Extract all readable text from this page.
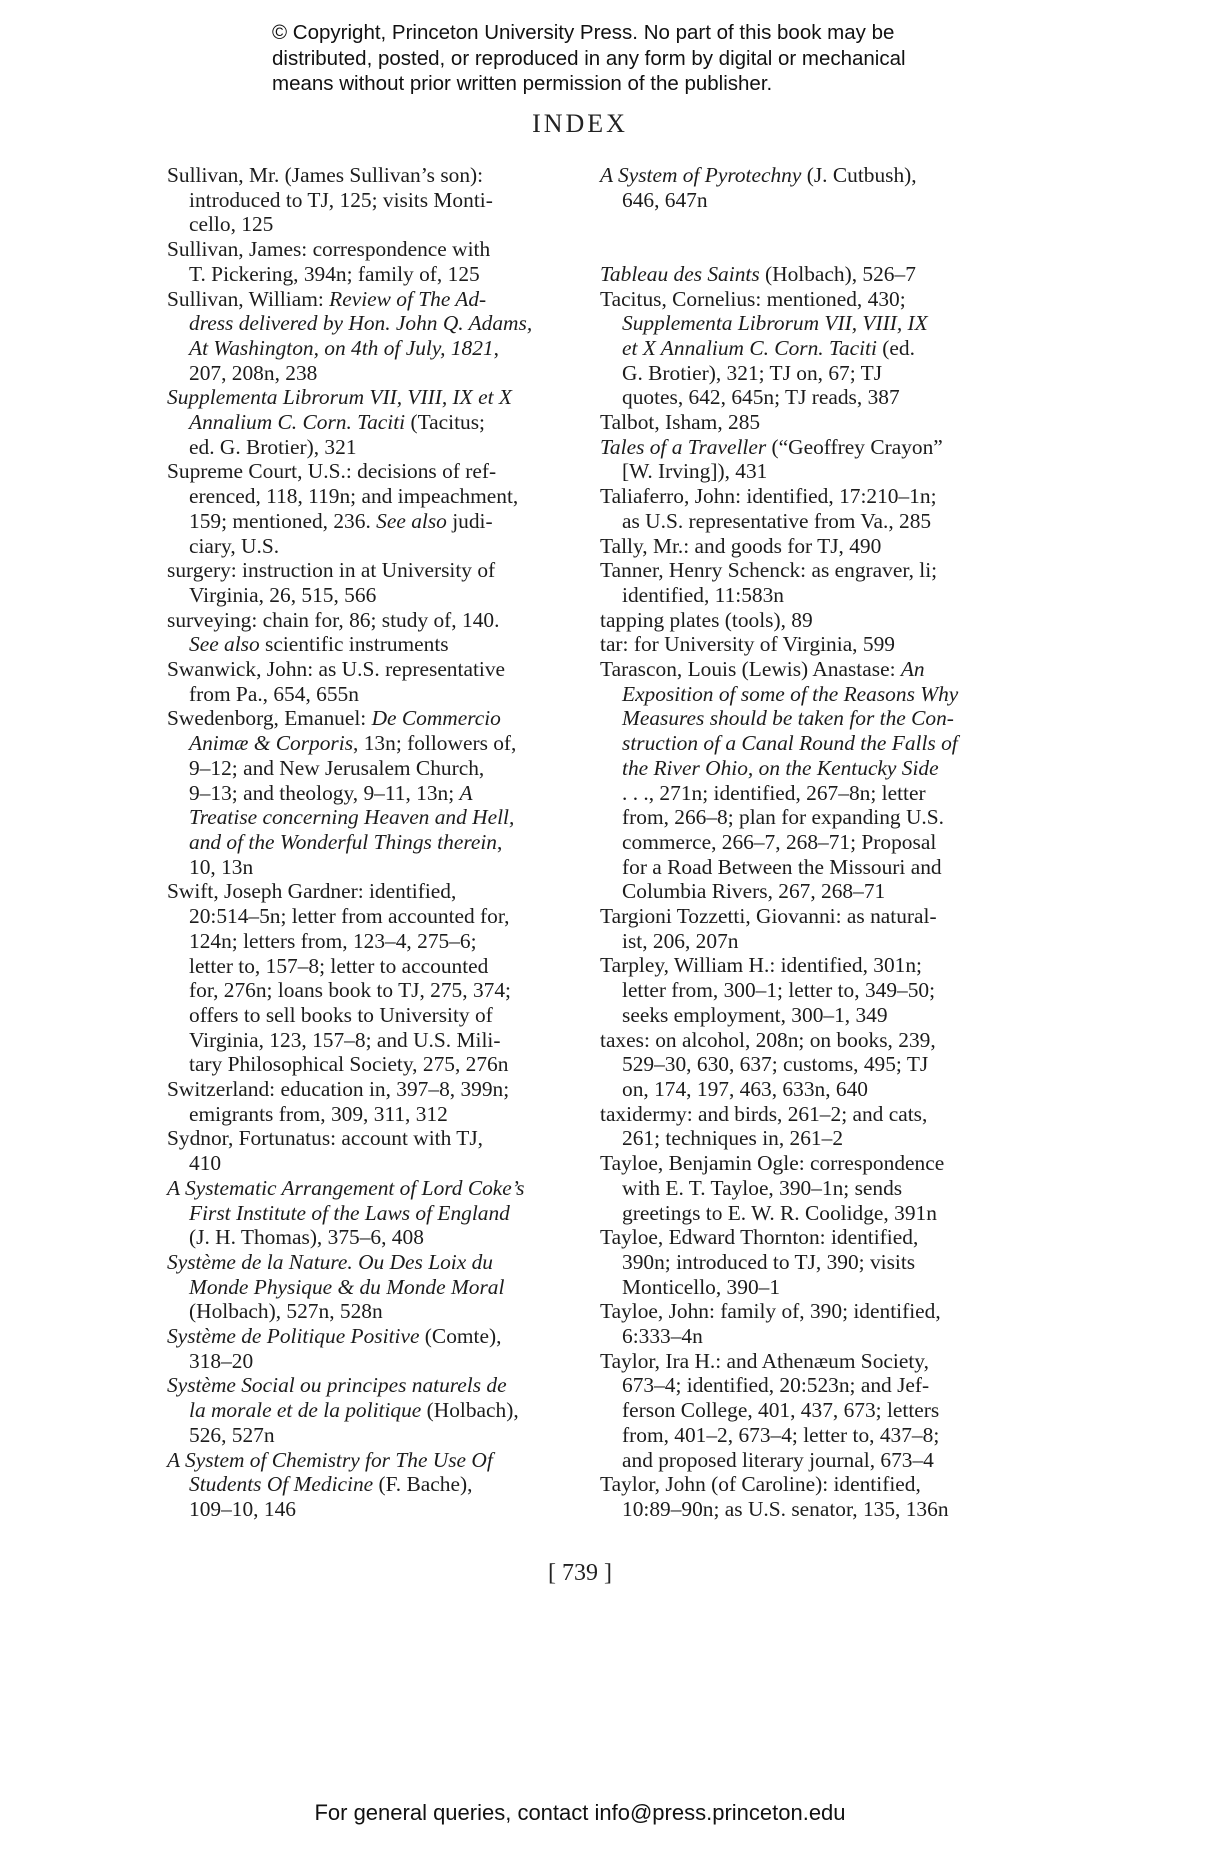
© Copyright, Princeton University Press. No part of this book may be
distributed, posted, or reproduced in any form by digital or mechanical
means without prior written permission of the publisher.
INDEX
Sullivan, Mr. (James Sullivan’s son):
introduced to TJ, 125; visits Monti-
cello, 125
Sullivan, James: correspondence with
T. Pickering, 394n; family of, 125
Sullivan, William: Review of The Ad-
dress delivered by Hon. John Q. Adams,
At Washington, on 4th of July, 1821,
207, 208n, 238
Supplementa Librorum VII, VIII, IX et X
Annalium C. Corn. Taciti (Tacitus;
ed. G. Brotier), 321
Supreme Court, U.S.: decisions of ref-
erenced, 118, 119n; and impeachment,
159; mentioned, 236. See also judi-
ciary, U.S.
surgery: instruction in at University of
Virginia, 26, 515, 566
surveying: chain for, 86; study of, 140.
See also scientific instruments
Swanwick, John: as U.S. representative
from Pa., 654, 655n
Swedenborg, Emanuel: De Commercio
Animæ & Corporis, 13n; followers of,
9–12; and New Jerusalem Church,
9–13; and theology, 9–11, 13n; A
Treatise concerning Heaven and Hell,
and of the Wonderful Things therein,
10, 13n
Swift, Joseph Gardner: identified,
20:514–5n; letter from accounted for,
124n; letters from, 123–4, 275–6;
letter to, 157–8; letter to accounted
for, 276n; loans book to TJ, 275, 374;
offers to sell books to University of
Virginia, 123, 157–8; and U.S. Mili-
tary Philosophical Society, 275, 276n
Switzerland: education in, 397–8, 399n;
emigrants from, 309, 311, 312
Sydnor, Fortunatus: account with TJ,
410
A Systematic Arrangement of Lord Coke’s
First Institute of the Laws of England
(J. H. Thomas), 375–6, 408
Système de la Nature. Ou Des Loix du
Monde Physique & du Monde Moral
(Holbach), 527n, 528n
Système de Politique Positive (Comte),
318–20
Système Social ou principes naturels de
la morale et de la politique (Holbach),
526, 527n
A System of Chemistry for The Use Of
Students Of Medicine (F. Bache),
109–10, 146
A System of Pyrotechny (J. Cutbush),
646, 647n
Tableau des Saints (Holbach), 526–7
Tacitus, Cornelius: mentioned, 430;
Supplementa Librorum VII, VIII, IX
et X Annalium C. Corn. Taciti (ed.
G. Brotier), 321; TJ on, 67; TJ
quotes, 642, 645n; TJ reads, 387
Talbot, Isham, 285
Tales of a Traveller (“Geoffrey Crayon”
[W. Irving]), 431
Taliaferro, John: identified, 17:210–1n;
as U.S. representative from Va., 285
Tally, Mr.: and goods for TJ, 490
Tanner, Henry Schenck: as engraver, li;
identified, 11:583n
tapping plates (tools), 89
tar: for University of Virginia, 599
Tarascon, Louis (Lewis) Anastase: An
Exposition of some of the Reasons Why
Measures should be taken for the Con-
struction of a Canal Round the Falls of
the River Ohio, on the Kentucky Side
. . ., 271n; identified, 267–8n; letter
from, 266–8; plan for expanding U.S.
commerce, 266–7, 268–71; Proposal
for a Road Between the Missouri and
Columbia Rivers, 267, 268–71
Targioni Tozzetti, Giovanni: as natural-
ist, 206, 207n
Tarpley, William H.: identified, 301n;
letter from, 300–1; letter to, 349–50;
seeks employment, 300–1, 349
taxes: on alcohol, 208n; on books, 239,
529–30, 630, 637; customs, 495; TJ
on, 174, 197, 463, 633n, 640
taxidermy: and birds, 261–2; and cats,
261; techniques in, 261–2
Tayloe, Benjamin Ogle: correspondence
with E. T. Tayloe, 390–1n; sends
greetings to E. W. R. Coolidge, 391n
Tayloe, Edward Thornton: identified,
390n; introduced to TJ, 390; visits
Monticello, 390–1
Tayloe, John: family of, 390; identified,
6:333–4n
Taylor, Ira H.: and Athenæum Society,
673–4; identified, 20:523n; and Jef-
ferson College, 401, 437, 673; letters
from, 401–2, 673–4; letter to, 437–8;
and proposed literary journal, 673–4
Taylor, John (of Caroline): identified,
10:89–90n; as U.S. senator, 135, 136n
[ 739 ]
For general queries, contact info@press.princeton.edu
